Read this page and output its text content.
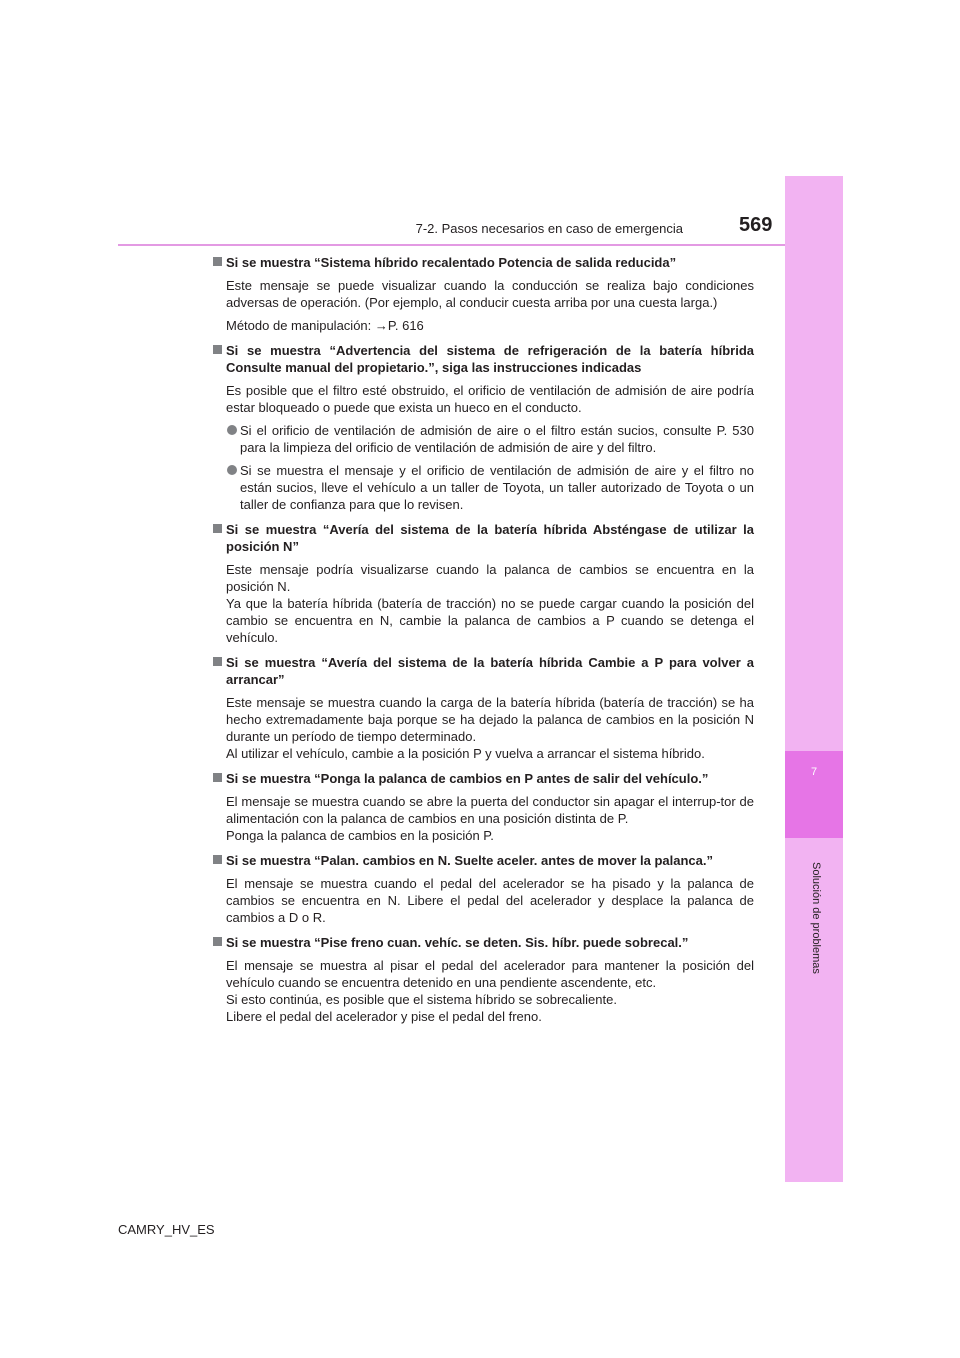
7
Solución de problemas
7-2. Pasos necesarios en caso de emergencia	569
Si se muestra “Sistema híbrido recalentado Potencia de salida reducida”
Este mensaje se puede visualizar cuando la conducción se realiza bajo condiciones adversas de operación. (Por ejemplo, al conducir cuesta arriba por una cuesta larga.)
Método de manipulación: →P. 616
Si se muestra “Advertencia del sistema de refrigeración de la batería híbrida Consulte manual del propietario.”, siga las instrucciones indicadas
Es posible que el filtro esté obstruido, el orificio de ventilación de admisión de aire podría estar bloqueado o puede que exista un hueco en el conducto.
Si el orificio de ventilación de admisión de aire o el filtro están sucios, consulte P. 530 para la limpieza del orificio de ventilación de admisión de aire y del filtro.
Si se muestra el mensaje y el orificio de ventilación de admisión de aire y el filtro no están sucios, lleve el vehículo a un taller de Toyota, un taller autorizado de Toyota o un taller de confianza para que lo revisen.
Si se muestra “Avería del sistema de la batería híbrida Absténgase de utilizar la posición N”
Este mensaje podría visualizarse cuando la palanca de cambios se encuentra en la posición N.
Ya que la batería híbrida (batería de tracción) no se puede cargar cuando la posición del cambio se encuentra en N, cambie la palanca de cambios a P cuando se detenga el vehículo.
Si se muestra “Avería del sistema de la batería híbrida Cambie a P para volver a arrancar”
Este mensaje se muestra cuando la carga de la batería híbrida (batería de tracción) se ha hecho extremadamente baja porque se ha dejado la palanca de cambios en la posición N durante un período de tiempo determinado.
Al utilizar el vehículo, cambie a la posición P y vuelva a arrancar el sistema híbrido.
Si se muestra “Ponga la palanca de cambios en P antes de salir del vehículo.”
El mensaje se muestra cuando se abre la puerta del conductor sin apagar el interrup-tor de alimentación con la palanca de cambios en una posición distinta de P.
Ponga la palanca de cambios en la posición P.
Si se muestra “Palan. cambios en N. Suelte aceler. antes de mover la palanca.”
El mensaje se muestra cuando el pedal del acelerador se ha pisado y la palanca de cambios se encuentra en N. Libere el pedal del acelerador y desplace la palanca de cambios a D o R.
Si se muestra “Pise freno cuan. vehíc. se deten. Sis. híbr. puede sobrecal.”
El mensaje se muestra al pisar el pedal del acelerador para mantener la posición del vehículo cuando se encuentra detenido en una pendiente ascendente, etc.
Si esto continúa, es posible que el sistema híbrido se sobrecaliente.
Libere el pedal del acelerador y pise el pedal del freno.
CAMRY_HV_ES
